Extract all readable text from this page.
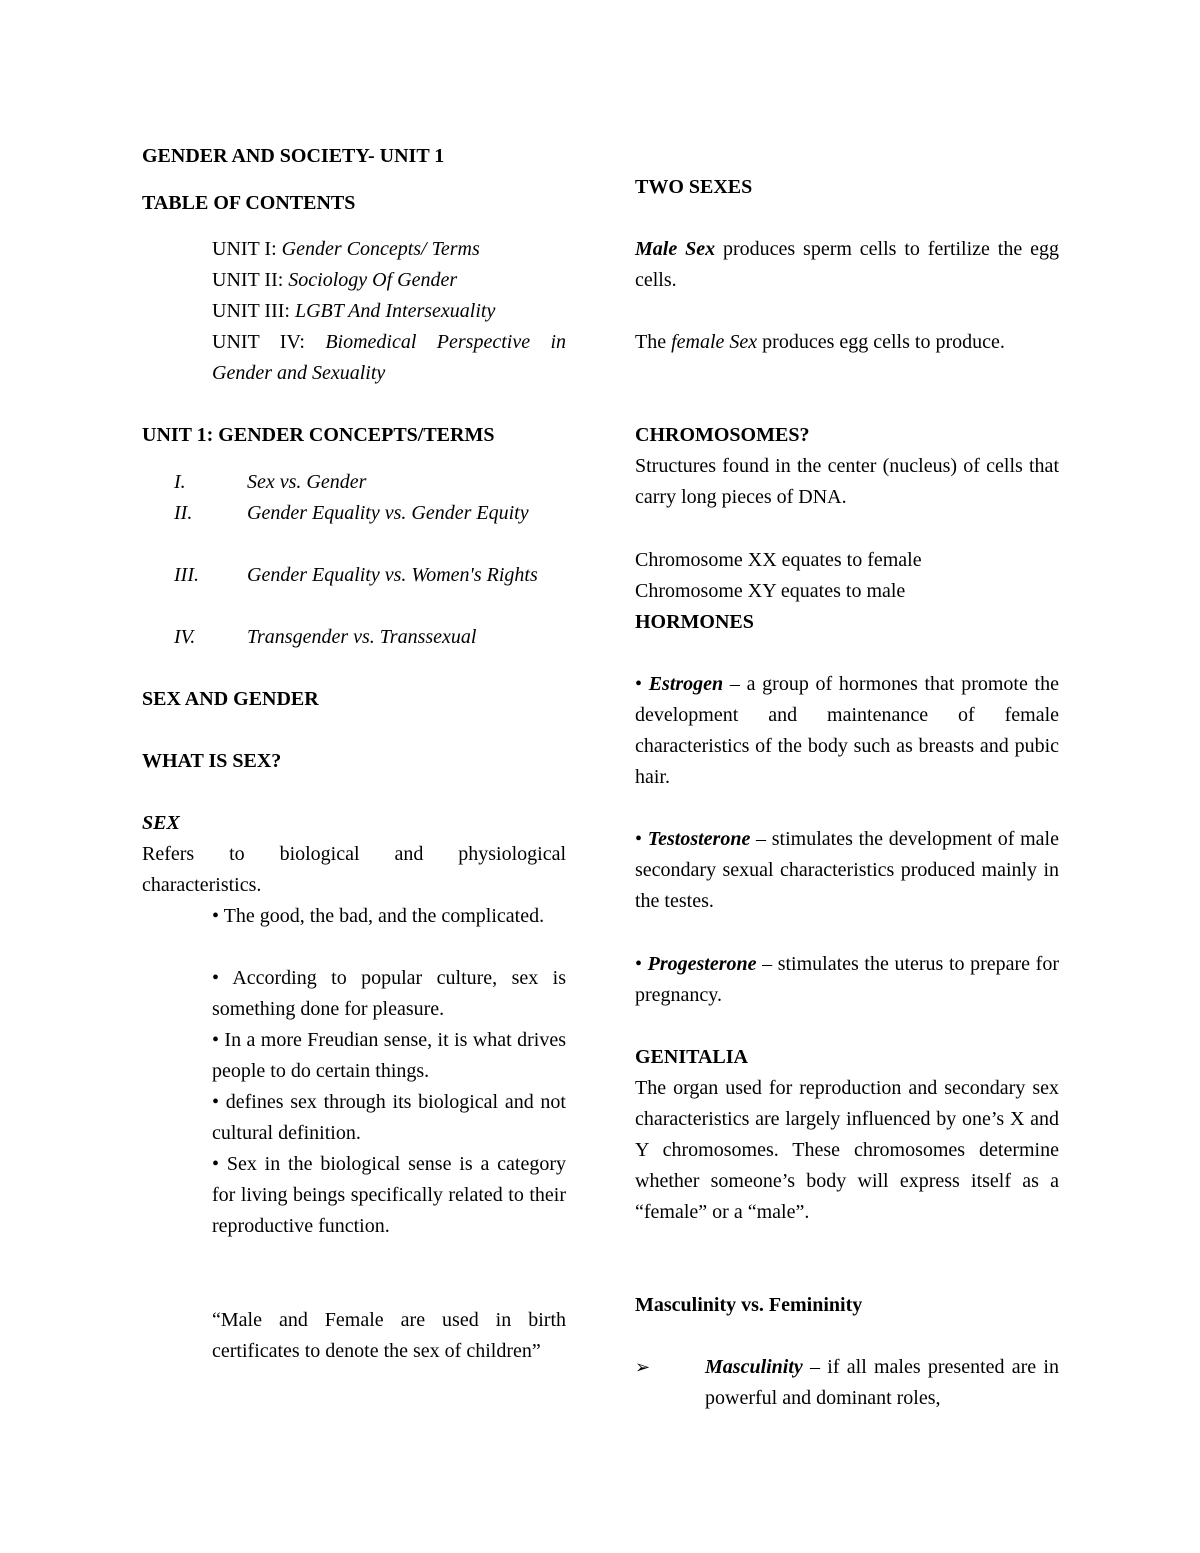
GENDER AND SOCIETY- UNIT 1
TABLE OF CONTENTS
UNIT I: Gender Concepts/ Terms
UNIT II: Sociology Of Gender
UNIT III: LGBT And Intersexuality
UNIT IV: Biomedical Perspective in Gender and Sexuality
UNIT 1: GENDER CONCEPTS/TERMS
I.	Sex vs. Gender
II.	Gender Equality vs. Gender Equity
III.	Gender Equality vs. Women's Rights
IV.	Transgender vs. Transsexual
SEX AND GENDER
WHAT IS SEX?
SEX
Refers to biological and physiological characteristics.
• The good, the bad, and the complicated.
• According to popular culture, sex is something done for pleasure.
• In a more Freudian sense, it is what drives people to do certain things.
• defines sex through its biological and not cultural definition.
• Sex in the biological sense is a category for living beings specifically related to their reproductive function.
“Male and Female are used in birth certificates to denote the sex of children”
TWO SEXES

Male Sex produces sperm cells to fertilize the egg cells.

The female Sex produces egg cells to produce.

CHROMOSOMES?
Structures found in the center (nucleus) of cells that carry long pieces of DNA.
Chromosome XX equates to female
Chromosome XY equates to male
HORMONES

• Estrogen – a group of hormones that promote the development and maintenance of female characteristics of the body such as breasts and pubic hair.

• Testosterone – stimulates the development of male secondary sexual characteristics produced mainly in the testes.

• Progesterone – stimulates the uterus to prepare for pregnancy.

GENITALIA
The organ used for reproduction and secondary sex characteristics are largely influenced by one’s X and Y chromosomes. These chromosomes determine whether someone’s body will express itself as a “female” or a “male”.
Masculinity vs. Femininity
➢	Masculinity – if all males presented are in powerful and dominant roles,
